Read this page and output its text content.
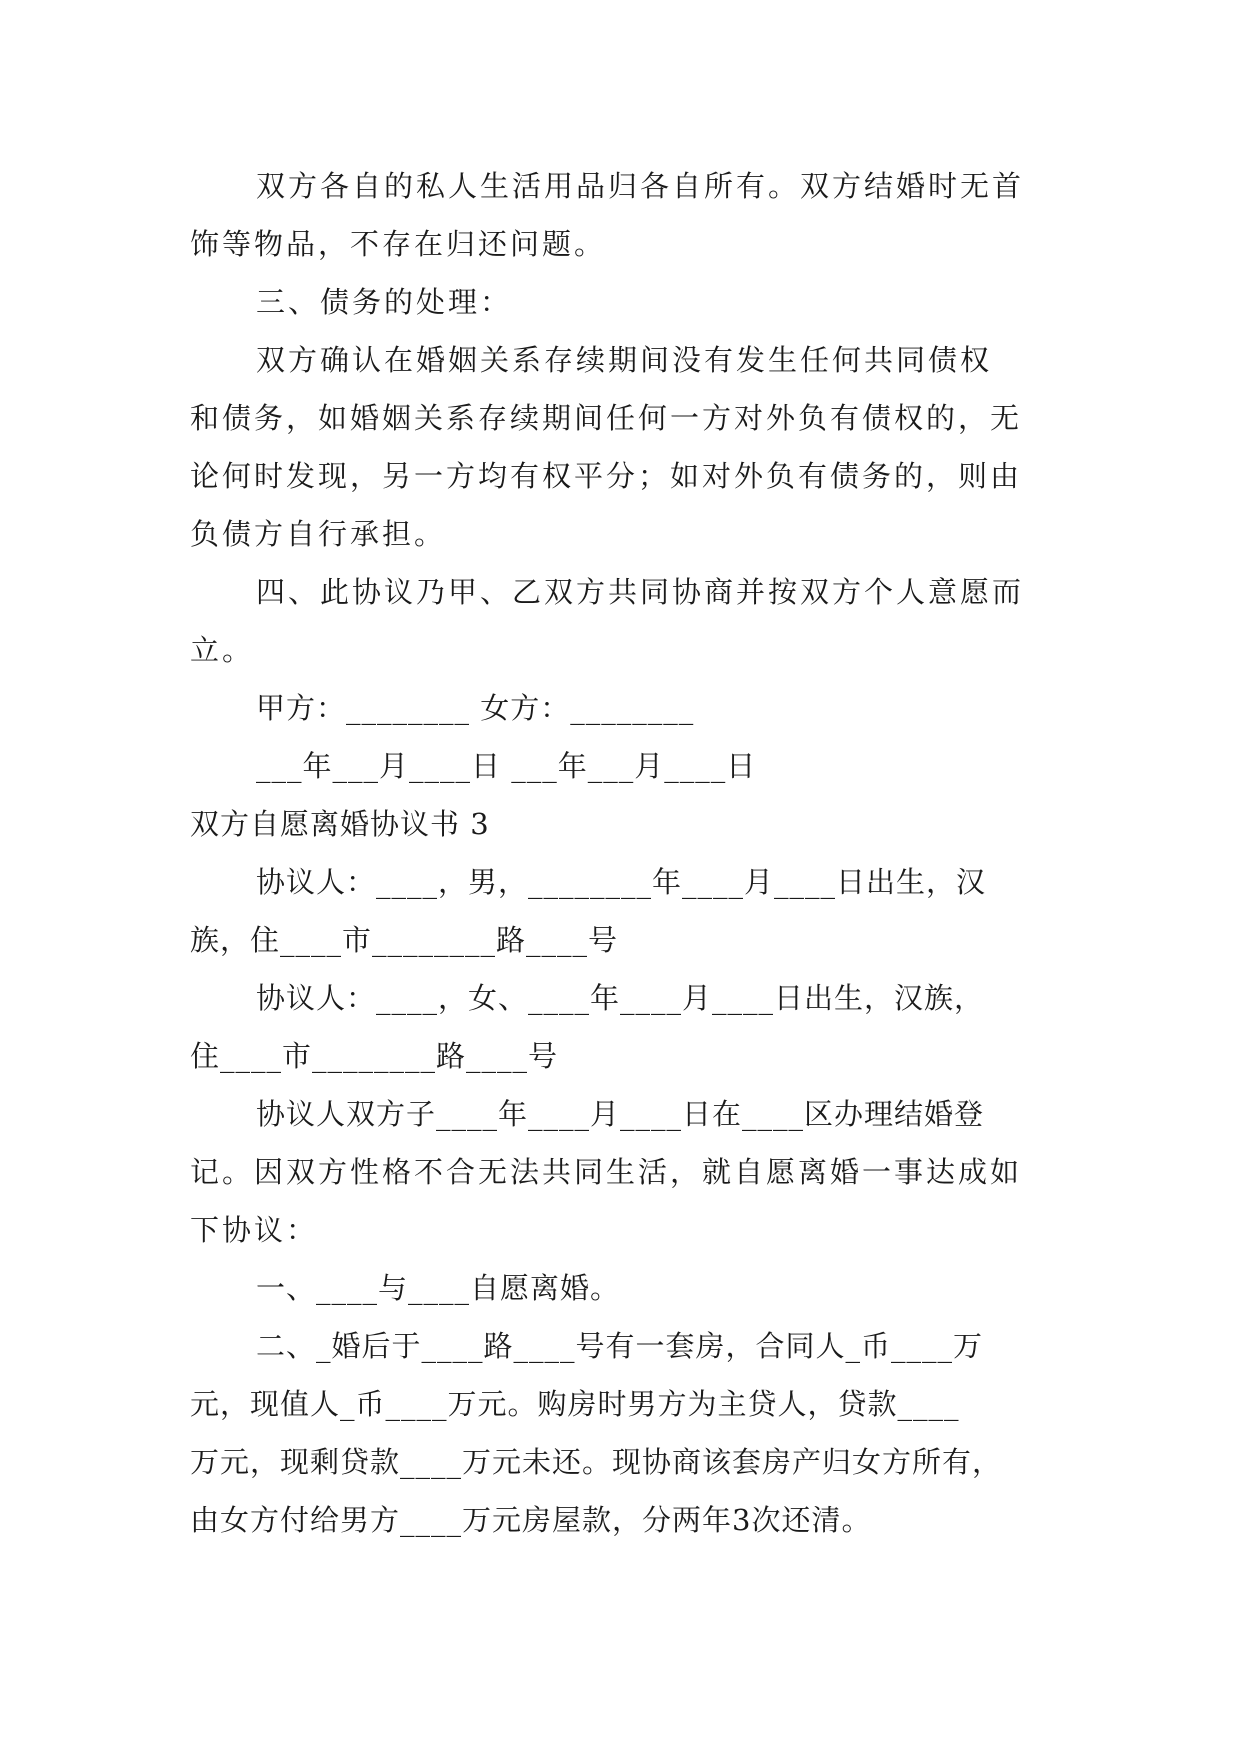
双方各自的私人生活用品归各自所有。双方结婚时无首
饰等物品，不存在归还问题。
三、债务的处理：
双方确认在婚姻关系存续期间没有发生任何共同债权
和债务，如婚姻关系存续期间任何一方对外负有债权的，无
论何时发现，另一方均有权平分；如对外负有债务的，则由
负债方自行承担。
四、此协议乃甲、乙双方共同协商并按双方个人意愿而
立。
甲方：________ 女方：________
___年___月____日 ___年___月____日
双方自愿离婚协议书 3
协议人：____，男，________年____月____日出生，汉
族，住____市________路____号
协议人：____，女、____年____月____日出生，汉族，
住____市________路____号
协议人双方子____年____月____日在____区办理结婚登
记。因双方性格不合无法共同生活，就自愿离婚一事达成如
下协议：
一、____与____自愿离婚。
二、_婚后于____路____号有一套房，合同人_币____万
元，现值人_币____万元。购房时男方为主贷人，贷款____
万元，现剩贷款____万元未还。现协商该套房产归女方所有，
由女方付给男方____万元房屋款，分两年3次还清。
